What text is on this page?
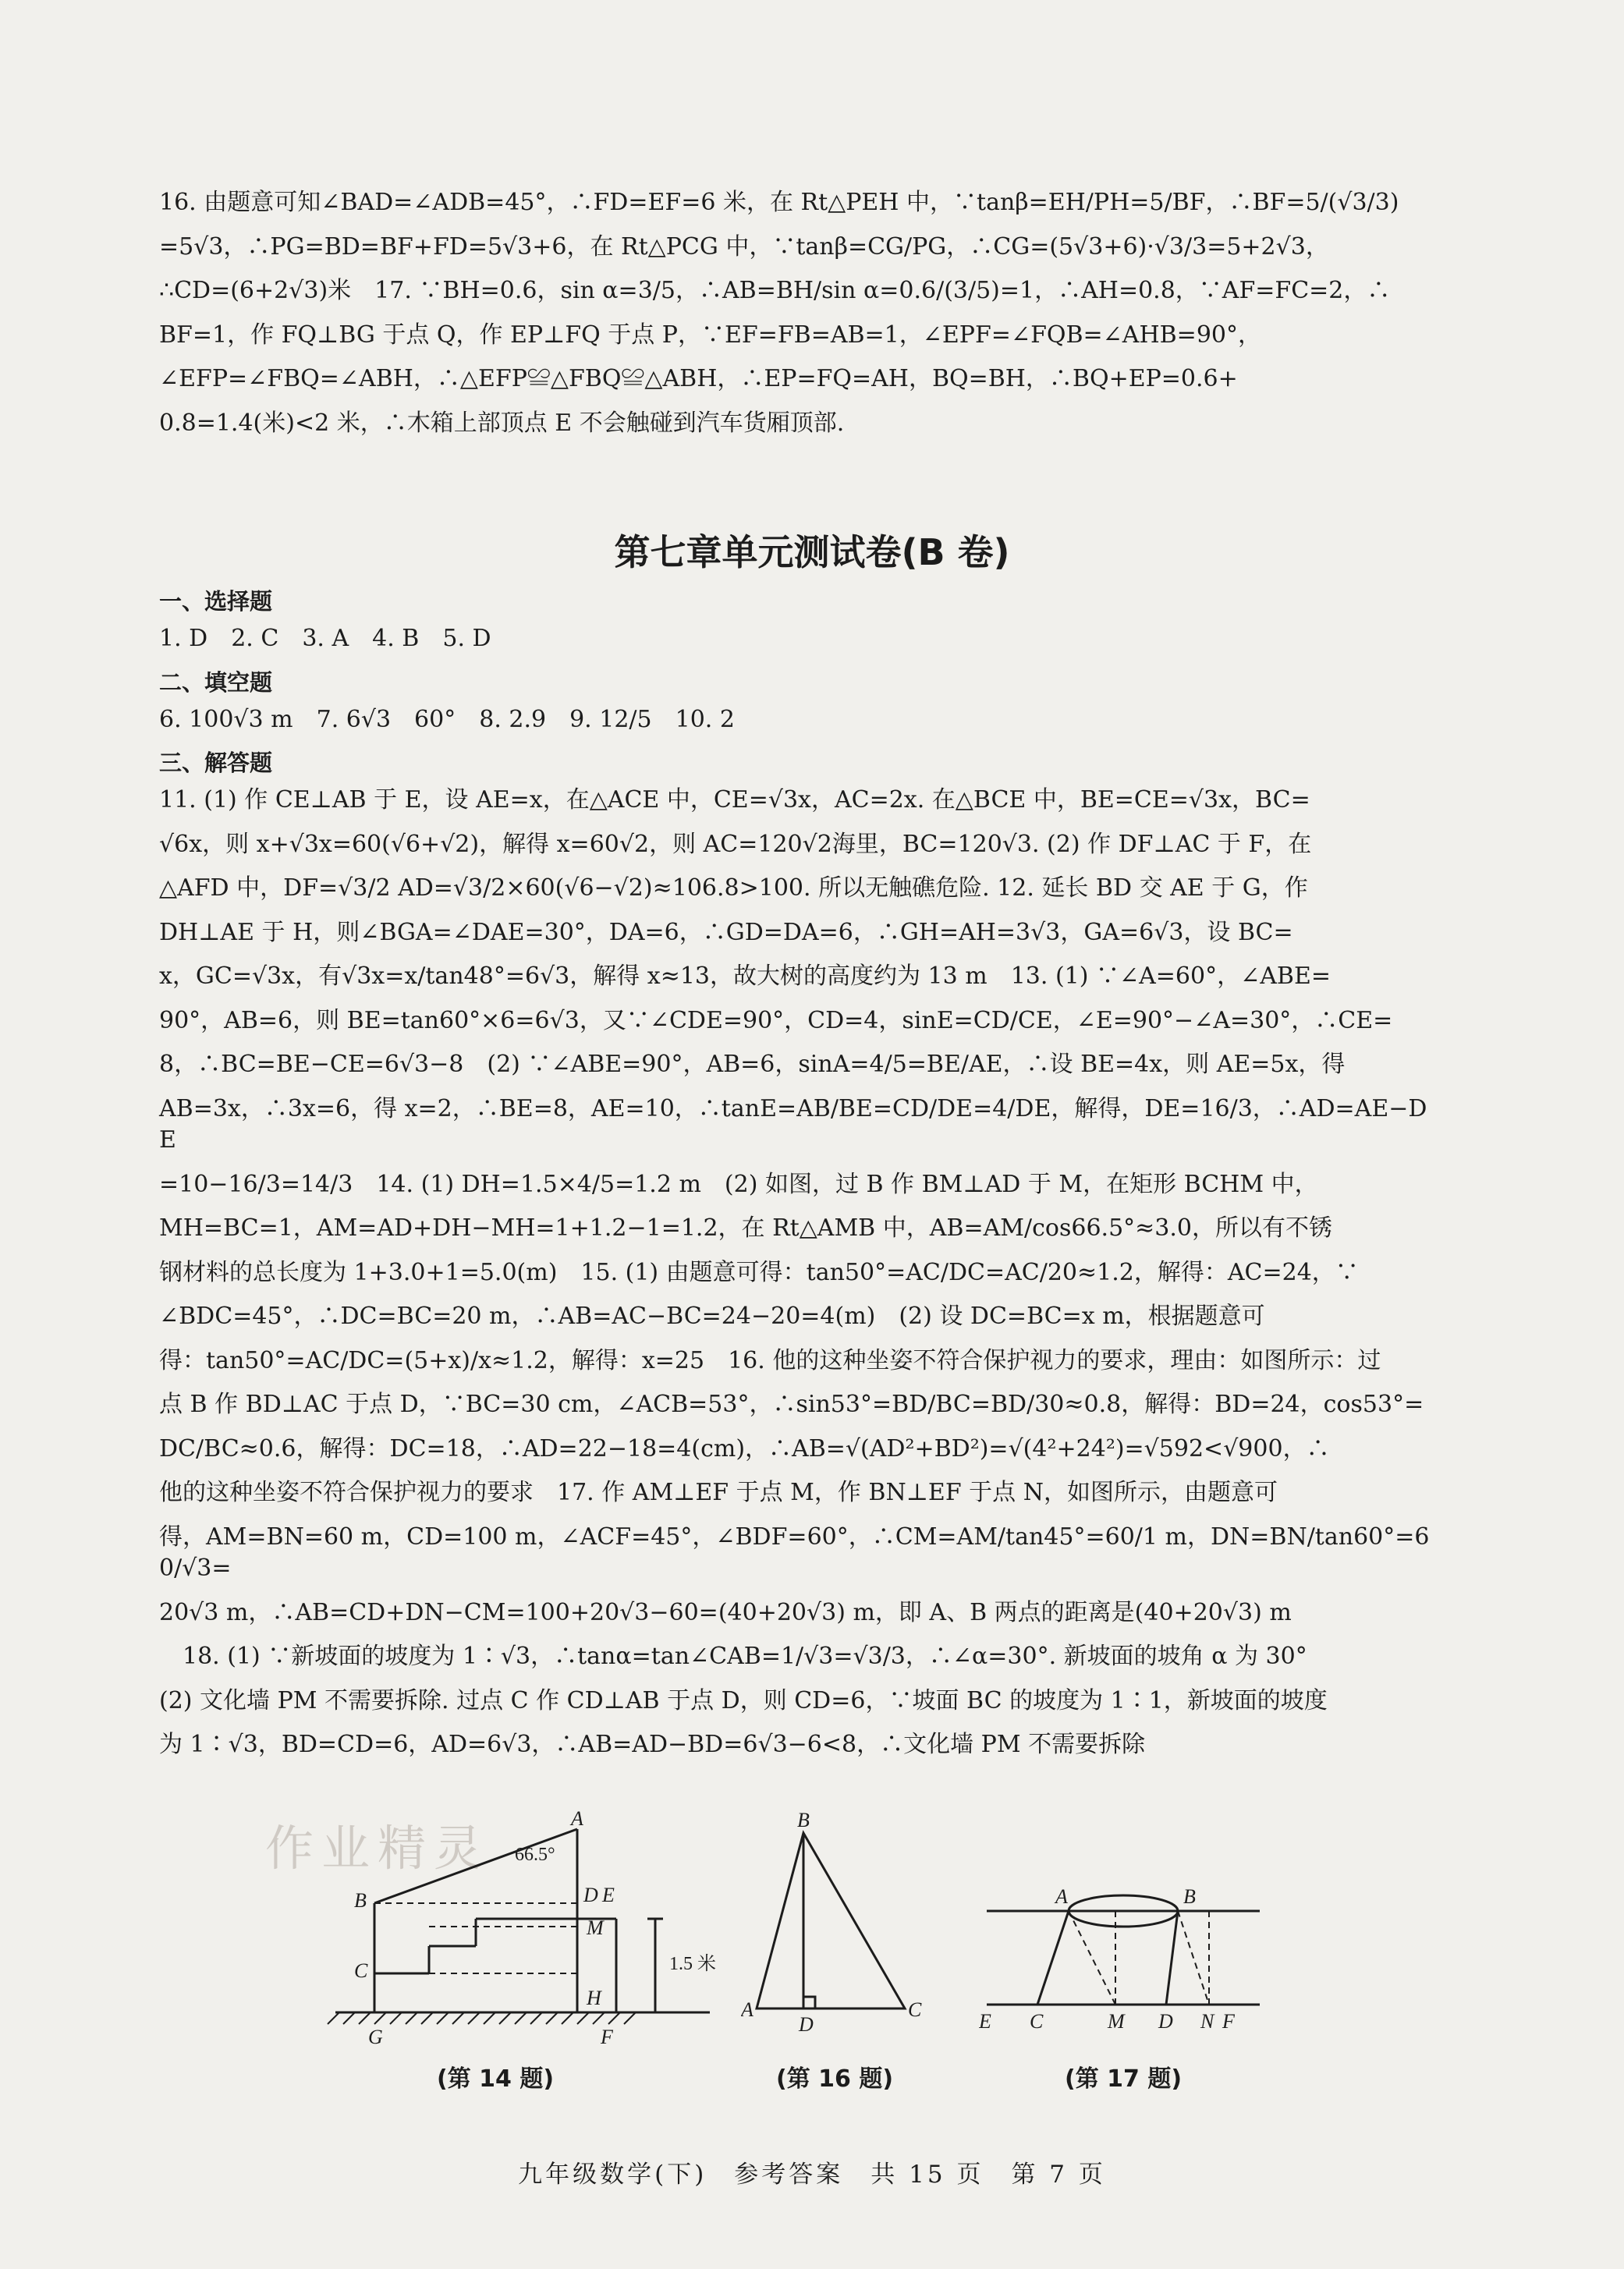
16. 由题意可知∠BAD=∠ADB=45°，∴FD=EF=6 米，在 Rt△PEH 中，∵tanβ=EH/PH=5/BF，∴BF=5/(√3/3)
=5√3，∴PG=BD=BF+FD=5√3+6，在 Rt△PCG 中，∵tanβ=CG/PG，∴CG=(5√3+6)·√3/3=5+2√3，
∴CD=(6+2√3)米　17. ∵BH=0.6，sin α=3/5，∴AB=BH/sin α=0.6/(3/5)=1，∴AH=0.8，∵AF=FC=2，∴
BF=1，作 FQ⊥BG 于点 Q，作 EP⊥FQ 于点 P，∵EF=FB=AB=1，∠EPF=∠FQB=∠AHB=90°，
∠EFP=∠FBQ=∠ABH，∴△EFP≌△FBQ≌△ABH，∴EP=FQ=AH，BQ=BH，∴BQ+EP=0.6+
0.8=1.4(米)<2 米，∴木箱上部顶点 E 不会触碰到汽车货厢顶部.
第七章单元测试卷(B 卷)
一、选择题
1. D　2. C　3. A　4. B　5. D
二、填空题
6. 100√3 m　7. 6√3　60°　8. 2.9　9. 12/5　10. 2
三、解答题
11. (1) 作 CE⊥AB 于 E，设 AE=x，在△ACE 中，CE=√3x，AC=2x. 在△BCE 中，BE=CE=√3x，BC=
√6x，则 x+√3x=60(√6+√2)，解得 x=60√2，则 AC=120√2海里，BC=120√3. (2) 作 DF⊥AC 于 F，在
△AFD 中，DF=√3/2 AD=√3/2×60(√6−√2)≈106.8>100. 所以无触礁危险. 12. 延长 BD 交 AE 于 G，作
DH⊥AE 于 H，则∠BGA=∠DAE=30°，DA=6，∴GD=DA=6，∴GH=AH=3√3，GA=6√3，设 BC=
x，GC=√3x，有√3x=x/tan48°=6√3，解得 x≈13，故大树的高度约为 13 m　13. (1) ∵∠A=60°，∠ABE=
90°，AB=6，则 BE=tan60°×6=6√3，又∵∠CDE=90°，CD=4，sinE=CD/CE，∠E=90°−∠A=30°，∴CE=
8，∴BC=BE−CE=6√3−8　(2) ∵∠ABE=90°，AB=6，sinA=4/5=BE/AE，∴设 BE=4x，则 AE=5x，得
AB=3x，∴3x=6，得 x=2，∴BE=8，AE=10，∴tanE=AB/BE=CD/DE=4/DE，解得，DE=16/3，∴AD=AE−DE
=10−16/3=14/3　14. (1) DH=1.5×4/5=1.2 m　(2) 如图，过 B 作 BM⊥AD 于 M，在矩形 BCHM 中，
MH=BC=1，AM=AD+DH−MH=1+1.2−1=1.2，在 Rt△AMB 中，AB=AM/cos66.5°≈3.0，所以有不锈
钢材料的总长度为 1+3.0+1=5.0(m)　15. (1) 由题意可得：tan50°=AC/DC=AC/20≈1.2，解得：AC=24，∵
∠BDC=45°，∴DC=BC=20 m，∴AB=AC−BC=24−20=4(m)　(2) 设 DC=BC=x m，根据题意可
得：tan50°=AC/DC=(5+x)/x≈1.2，解得：x=25　16. 他的这种坐姿不符合保护视力的要求，理由：如图所示：过
点 B 作 BD⊥AC 于点 D，∵BC=30 cm，∠ACB=53°，∴sin53°=BD/BC=BD/30≈0.8，解得：BD=24，cos53°=
DC/BC≈0.6，解得：DC=18，∴AD=22−18=4(cm)，∴AB=√(AD²+BD²)=√(4²+24²)=√592<√900，∴
他的这种坐姿不符合保护视力的要求　17. 作 AM⊥EF 于点 M，作 BN⊥EF 于点 N，如图所示，由题意可
得，AM=BN=60 m，CD=100 m，∠ACF=45°，∠BDF=60°，∴CM=AM/tan45°=60/1 m，DN=BN/tan60°=60/√3=
20√3 m，∴AB=CD+DN−CM=100+20√3−60=(40+20√3) m，即 A、B 两点的距离是(40+20√3) m
　18. (1) ∵新坡面的坡度为 1∶√3，∴tanα=tan∠CAB=1/√3=√3/3，∴∠α=30°. 新坡面的坡角 α 为 30°
(2) 文化墙 PM 不需要拆除. 过点 C 作 CD⊥AB 于点 D，则 CD=6，∵坡面 BC 的坡度为 1∶1，新坡面的坡度
为 1∶√3，BD=CD=6，AD=6√3，∴AB=AD−BD=6√3−6<8，∴文化墙 PM 不需要拆除
作业精灵
A
B
C
D E
M
H
G	F
66.5°
1.5 米
(第 14 题)
B
A	C
D
(第 16 题)
A	B
E C	M D N F
(第 17 题)
九年级数学(下)　参考答案　共 15 页　第 7 页
